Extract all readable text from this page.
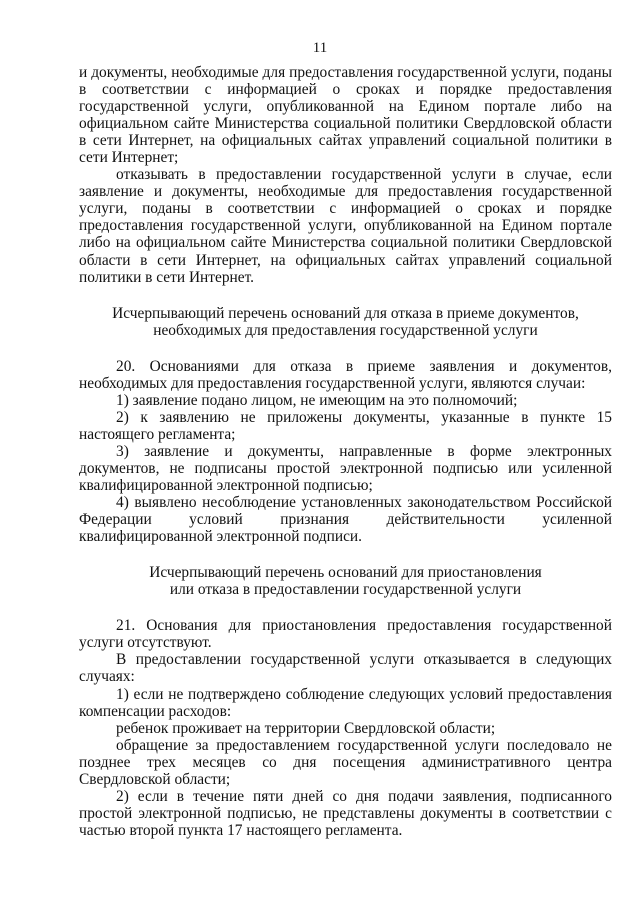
11

и документы, необходимые для предоставления государственной услуги, поданы в соответствии с информацией о сроках и порядке предоставления государственной услуги, опубликованной на Едином портале либо на официальном сайте Министерства социальной политики Свердловской области в сети Интернет, на официальных сайтах управлений социальной политики в сети Интернет;

отказывать в предоставлении государственной услуги в случае, если заявление и документы, необходимые для предоставления государственной услуги, поданы в соответствии с информацией о сроках и порядке предоставления государственной услуги, опубликованной на Едином портале либо на официальном сайте Министерства социальной политики Свердловской области в сети Интернет, на официальных сайтах управлений социальной политики в сети Интернет.

Исчерпывающий перечень оснований для отказа в приеме документов,

необходимых для предоставления государственной услуги

20. Основаниями для отказа в приеме заявления и документов, необходимых для предоставления государственной услуги, являются случаи:

1) заявление подано лицом, не имеющим на это полномочий;

2) к заявлению не приложены документы, указанные в пункте 15 настоящего регламента;

3) заявление и документы, направленные в форме электронных документов, не подписаны простой электронной подписью или усиленной квалифицированной электронной подписью;

4) выявлено несоблюдение установленных законодательством Российской Федерации условий признания действительности усиленной квалифицированной электронной подписи.

Исчерпывающий перечень оснований для приостановления

или отказа в предоставлении государственной услуги

21. Основания для приостановления предоставления государственной услуги отсутствуют.

В предоставлении государственной услуги отказывается в следующих случаях:

1) если не подтверждено соблюдение следующих условий предоставления компенсации расходов:

ребенок проживает на территории Свердловской области;

обращение за предоставлением государственной услуги последовало не позднее трех месяцев со дня посещения административного центра Свердловской области;

2) если в течение пяти дней со дня подачи заявления, подписанного простой электронной подписью, не представлены документы в соответствии с частью второй пункта 17 настоящего регламента.
